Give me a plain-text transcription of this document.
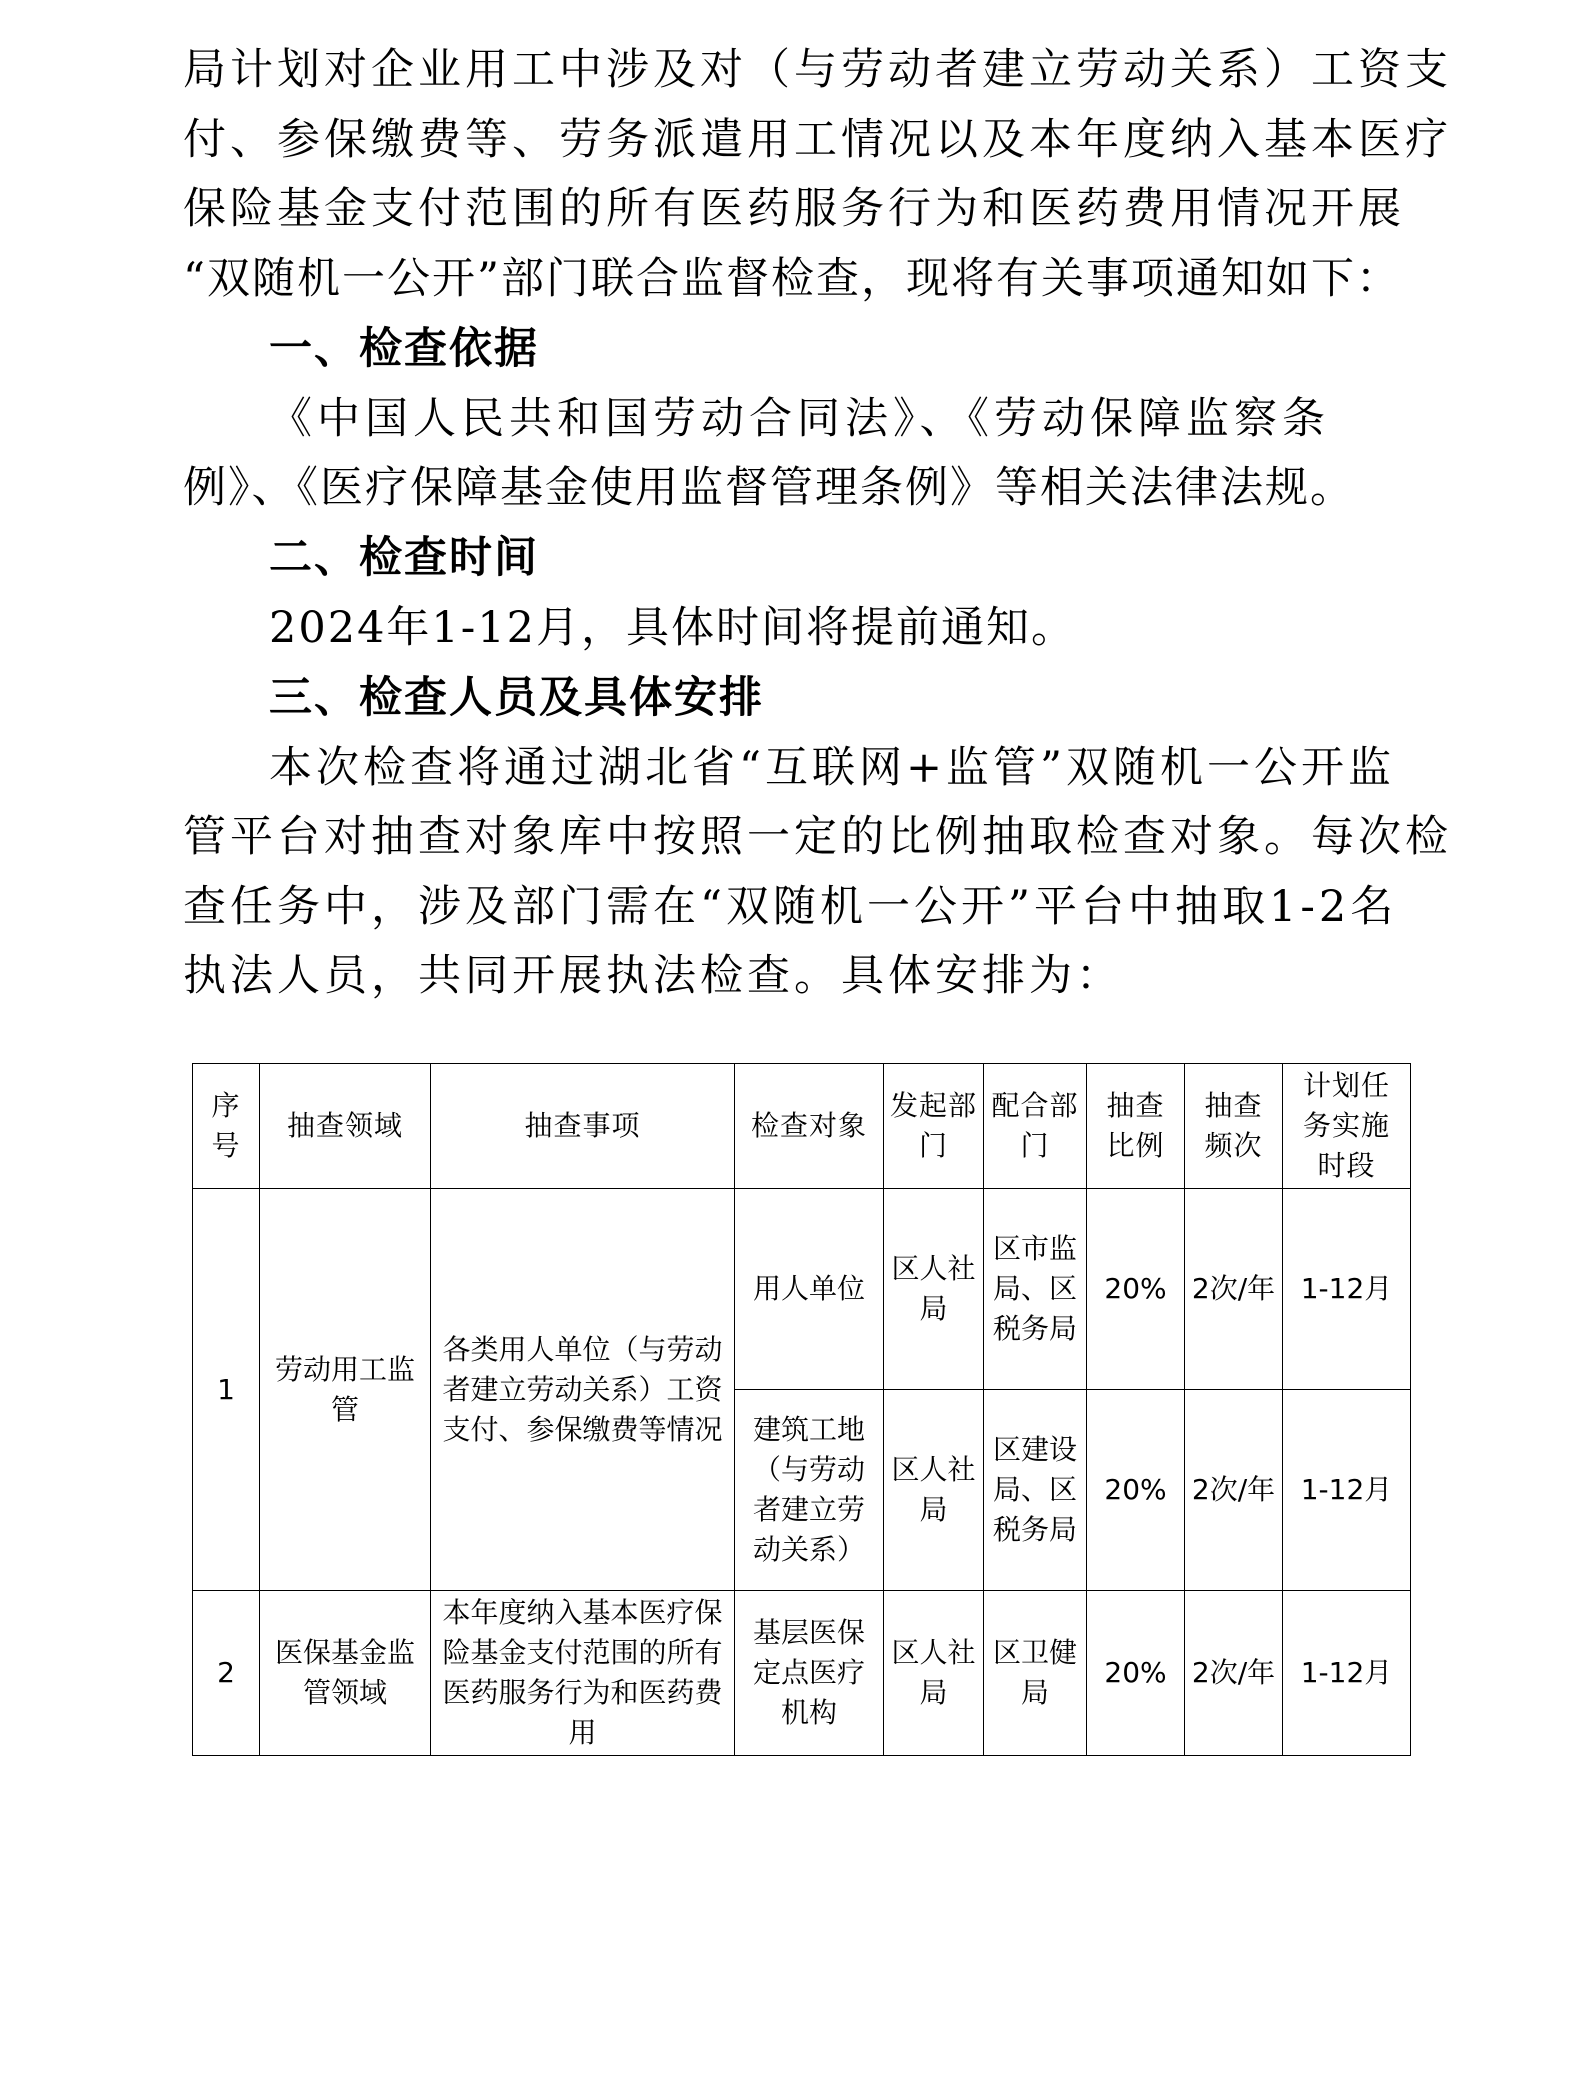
局计划对企业用工中涉及对（与劳动者建立劳动关系）工资支
付、参保缴费等、劳务派遣用工情况以及本年度纳入基本医疗
保险基金支付范围的所有医药服务行为和医药费用情况开展
“双随机一公开”部门联合监督检查，现将有关事项通知如下：
一、检查依据
《中国人民共和国劳动合同法》、《劳动保障监察条
例》、《医疗保障基金使用监督管理条例》等相关法律法规。
二、检查时间
2024年1-12月，具体时间将提前通知。
三、检查人员及具体安排
本次检查将通过湖北省“互联网+监管”双随机一公开监
管平台对抽查对象库中按照一定的比例抽取检查对象。每次检
查任务中，涉及部门需在“双随机一公开”平台中抽取1-2名
执法人员，共同开展执法检查。具体安排为：
序号	抽查领域	抽查事项	检查对象	发起部门	配合部门	抽查比例	抽查频次	计划任务实施时段
1	劳动用工监管	各类用人单位（与劳动者建立劳动关系）工资支付、参保缴费等情况	用人单位	区人社局	区市监局、区税务局	20%	2次/年	1-12月
			建筑工地（与劳动者建立劳动关系）	区人社局	区建设局、区税务局	20%	2次/年	1-12月
2	医保基金监管领域	本年度纳入基本医疗保险基金支付范围的所有医药服务行为和医药费用	基层医保定点医疗机构	区人社局	区卫健局	20%	2次/年	1-12月
